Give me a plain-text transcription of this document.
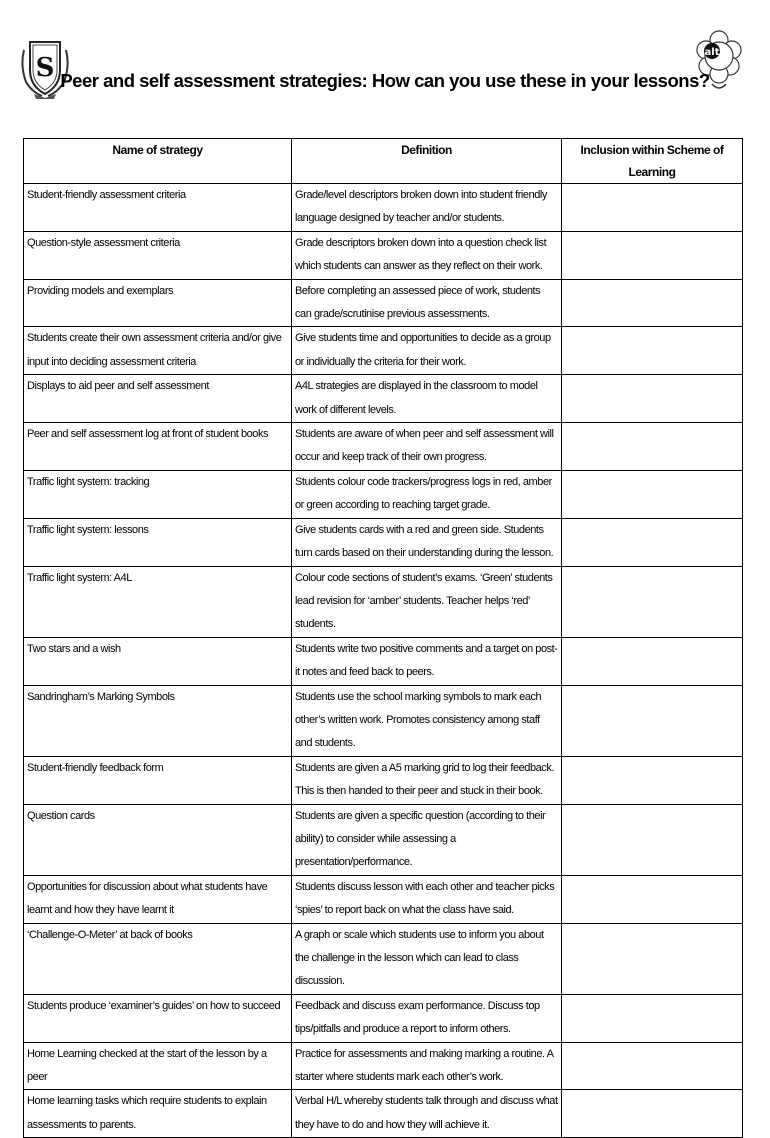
S
alt
Peer and self assessment strategies: How can you use these in your lessons?
Name of strategy	Definition	Inclusion within Scheme of Learning
Student-friendly assessment criteria	Grade/level descriptors broken down into student friendly language designed by teacher and/or students.	
Question-style assessment criteria	Grade descriptors broken down into a question check list which students can answer as they reflect on their work.	
Providing models and exemplars	Before completing an assessed piece of work, students can grade/scrutinise previous assessments.	
Students create their own assessment criteria and/or give input into deciding assessment criteria	Give students time and opportunities to decide as a group or individually the criteria for their work.	
Displays to aid peer and self assessment	A4L strategies are displayed in the classroom to model work of different levels.	
Peer and self assessment log at front of student books	Students are aware of when peer and self assessment will occur and keep track of their own progress.	
Traffic light system: tracking	Students colour code trackers/progress logs in red, amber or green according to reaching target grade.	
Traffic light system: lessons	Give students cards with a red and green side. Students turn cards based on their understanding during the lesson.	
Traffic light system: A4L	Colour code sections of student’s exams. ‘Green’ students lead revision for ‘amber’ students. Teacher helps ‘red’ students.	
Two stars and a wish	Students write two positive comments and a target on post-it notes and feed back to peers.	
Sandringham’s Marking Symbols	Students use the school marking symbols to mark each other’s written work. Promotes consistency among staff and students.	
Student-friendly feedback form	Students are given a A5 marking grid to log their feedback. This is then handed to their peer and stuck in their book.	
Question cards	Students are given a specific question (according to their ability) to consider while assessing a presentation/performance.	
Opportunities for discussion about what students have learnt and how they have learnt it	Students discuss lesson with each other and teacher picks ‘spies’ to report back on what the class have said.	
‘Challenge-O-Meter’ at back of books	A graph or scale which students use to inform you about the challenge in the lesson which can lead to class discussion.	
Students produce ‘examiner’s guides’ on how to succeed	Feedback and discuss exam performance. Discuss top tips/pitfalls and produce a report to inform others.	
Home Learning checked at the start of the lesson by a peer	Practice for assessments and making marking a routine. A starter where students mark each other’s work.	
Home learning tasks which require students to explain assessments to parents.	Verbal H/L whereby students talk through and discuss what they have to do and how they will achieve it.	
